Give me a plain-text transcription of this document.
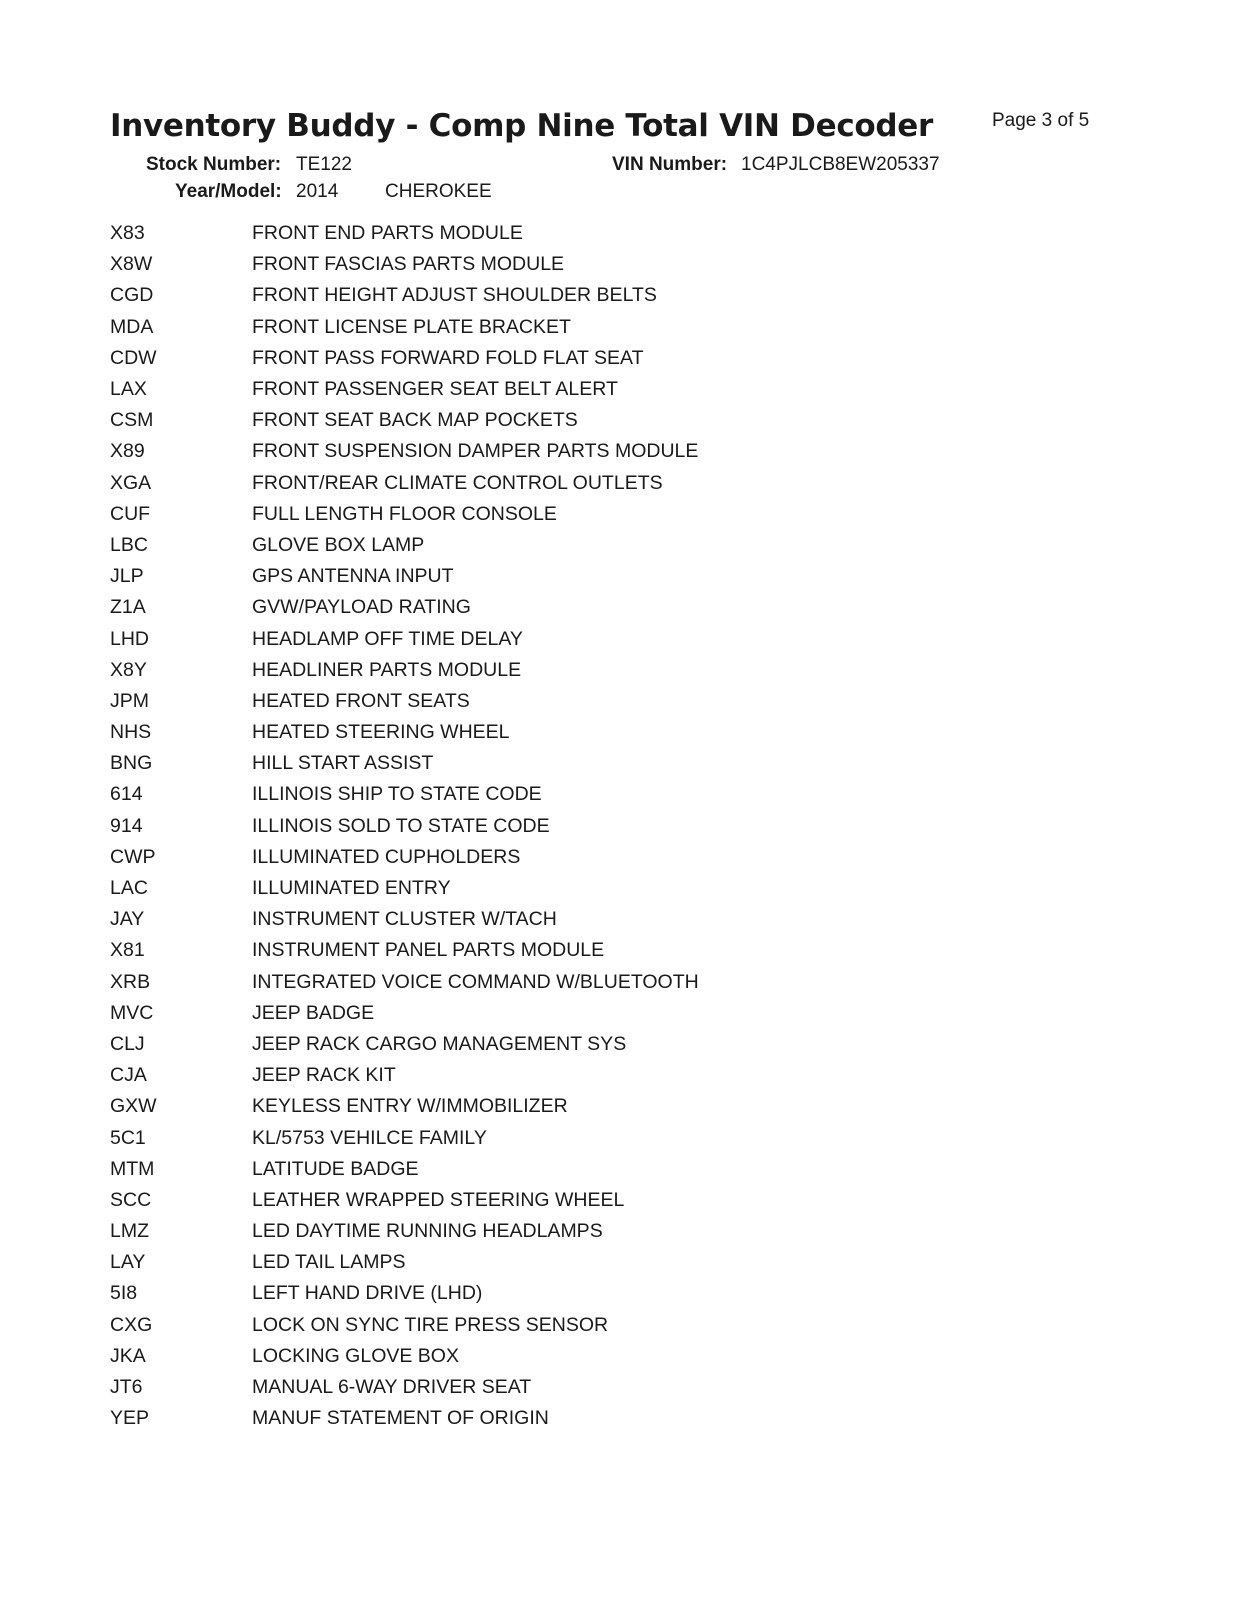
Inventory Buddy - Comp Nine Total VIN Decoder	Page 3 of 5
Stock Number: TE122	VIN Number: 1C4PJLCB8EW205337
Year/Model: 2014 CHEROKEE
X83	FRONT END PARTS MODULE
X8W	FRONT FASCIAS PARTS MODULE
CGD	FRONT HEIGHT ADJUST SHOULDER BELTS
MDA	FRONT LICENSE PLATE BRACKET
CDW	FRONT PASS FORWARD FOLD FLAT SEAT
LAX	FRONT PASSENGER SEAT BELT ALERT
CSM	FRONT SEAT BACK MAP POCKETS
X89	FRONT SUSPENSION DAMPER PARTS MODULE
XGA	FRONT/REAR CLIMATE CONTROL OUTLETS
CUF	FULL LENGTH FLOOR CONSOLE
LBC	GLOVE BOX LAMP
JLP	GPS ANTENNA INPUT
Z1A	GVW/PAYLOAD RATING
LHD	HEADLAMP OFF TIME DELAY
X8Y	HEADLINER PARTS MODULE
JPM	HEATED FRONT SEATS
NHS	HEATED STEERING WHEEL
BNG	HILL START ASSIST
614	ILLINOIS SHIP TO STATE CODE
914	ILLINOIS SOLD TO STATE CODE
CWP	ILLUMINATED CUPHOLDERS
LAC	ILLUMINATED ENTRY
JAY	INSTRUMENT CLUSTER W/TACH
X81	INSTRUMENT PANEL PARTS MODULE
XRB	INTEGRATED VOICE COMMAND W/BLUETOOTH
MVC	JEEP BADGE
CLJ	JEEP RACK CARGO MANAGEMENT SYS
CJA	JEEP RACK KIT
GXW	KEYLESS ENTRY W/IMMOBILIZER
5C1	KL/5753 VEHILCE FAMILY
MTM	LATITUDE BADGE
SCC	LEATHER WRAPPED STEERING WHEEL
LMZ	LED DAYTIME RUNNING HEADLAMPS
LAY	LED TAIL LAMPS
5I8	LEFT HAND DRIVE (LHD)
CXG	LOCK ON SYNC TIRE PRESS SENSOR
JKA	LOCKING GLOVE BOX
JT6	MANUAL 6-WAY DRIVER SEAT
YEP	MANUF STATEMENT OF ORIGIN
